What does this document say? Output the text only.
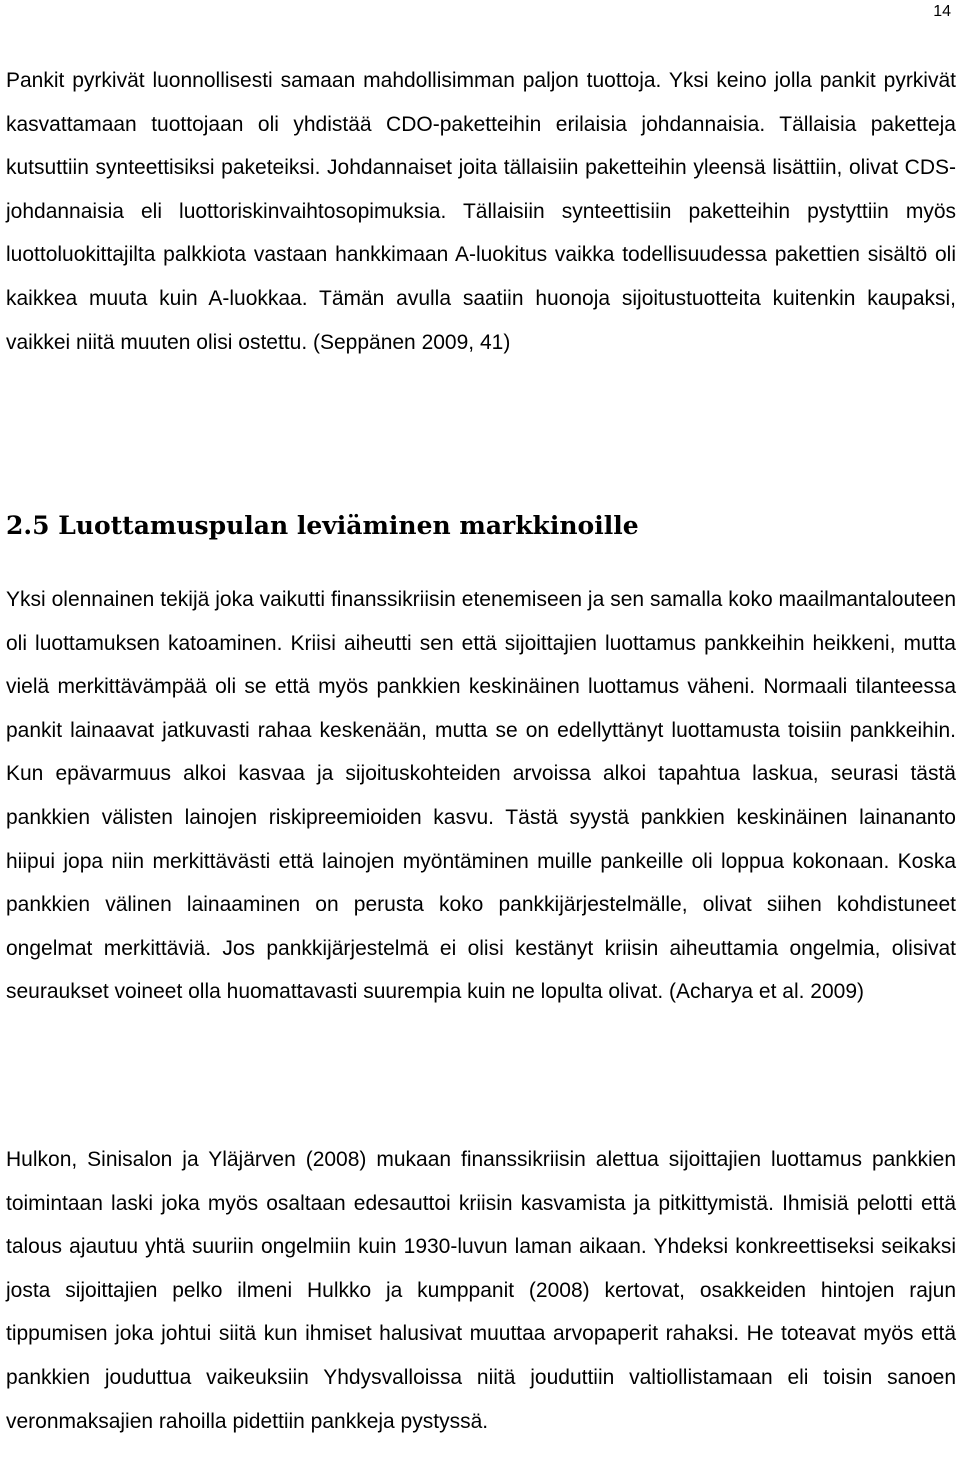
14

Pankit pyrkivät luonnollisesti samaan mahdollisimman paljon tuottoja. Yksi keino jolla pankit pyrkivät kasvattamaan tuottojaan oli yhdistää CDO-paketteihin erilaisia johdannaisia. Tällaisia paketteja kutsuttiin synteettisiksi paketeiksi. Johdannaiset joita tällaisiin paketteihin yleensä lisättiin, olivat CDS-johdannaisia eli luottoriskinvaihtosopimuksia. Tällaisiin synteettisiin paketteihin pystyttiin myös luottoluokittajilta palkkiota vastaan hankkimaan A-luokitus vaikka todellisuudessa pakettien sisältö oli kaikkea muuta kuin A-luokkaa. Tämän avulla saatiin huonoja sijoitustuotteita kuitenkin kaupaksi, vaikkei niitä muuten olisi ostettu. (Seppänen 2009, 41)

2.5 Luottamuspulan leviäminen markkinoille

Yksi olennainen tekijä joka vaikutti finanssikriisin etenemiseen ja sen samalla koko maailmantalouteen oli luottamuksen katoaminen. Kriisi aiheutti sen että sijoittajien luottamus pankkeihin heikkeni, mutta vielä merkittävämpää oli se että myös pankkien keskinäinen luottamus väheni. Normaali tilanteessa pankit lainaavat jatkuvasti rahaa keskenään, mutta se on edellyttänyt luottamusta toisiin pankkeihin. Kun epävarmuus alkoi kasvaa ja sijoituskohteiden arvoissa alkoi tapahtua laskua, seurasi tästä pankkien välisten lainojen riskipreemioiden kasvu. Tästä syystä pankkien keskinäinen lainananto hiipui jopa niin merkittävästi että lainojen myöntäminen muille pankeille oli loppua kokonaan. Koska pankkien välinen lainaaminen on perusta koko pankkijärjestelmälle, olivat siihen kohdistuneet ongelmat merkittäviä. Jos pankkijärjestelmä ei olisi kestänyt kriisin aiheuttamia ongelmia, olisivat seuraukset voineet olla huomattavasti suurempia kuin ne lopulta olivat. (Acharya et al. 2009)

Hulkon, Sinisalon ja Yläjärven (2008) mukaan finanssikriisin alettua sijoittajien luottamus pankkien toimintaan laski joka myös osaltaan edesauttoi kriisin kasvamista ja pitkittymistä. Ihmisiä pelotti että talous ajautuu yhtä suuriin ongelmiin kuin 1930-luvun laman aikaan. Yhdeksi konkreettiseksi seikaksi josta sijoittajien pelko ilmeni Hulkko ja kumppanit (2008) kertovat, osakkeiden hintojen rajun tippumisen joka johtui siitä kun ihmiset halusivat muuttaa arvopaperit rahaksi. He toteavat myös että pankkien jouduttua vaikeuksiin Yhdysvalloissa niitä jouduttiin valtiollistamaan eli toisin sanoen veronmaksajien rahoilla pidettiin pankkeja pystyssä.
